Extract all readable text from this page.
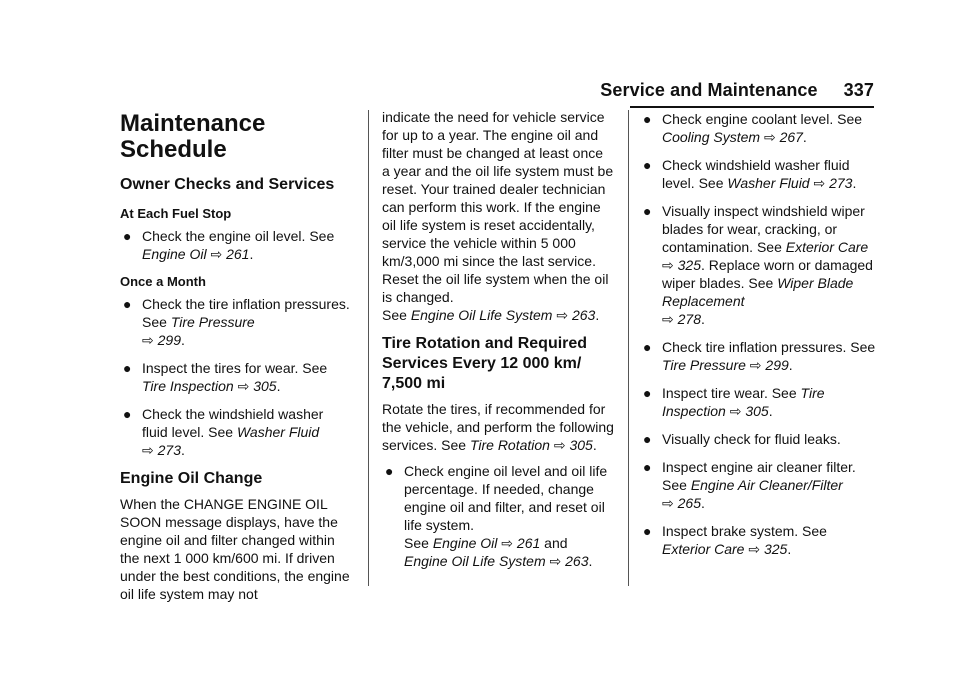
Service and Maintenance 337
Maintenance
Schedule
Owner Checks and Services
At Each Fuel Stop
● Check the engine oil level. See
Engine Oil ⇨ 261.
Once a Month
● Check the tire inflation pressures. See Tire Pressure
⇨ 299.
● Inspect the tires for wear. See
Tire Inspection ⇨ 305.
● Check the windshield washer fluid level. See Washer Fluid
⇨ 273.
Engine Oil Change

When the CHANGE ENGINE OIL SOON message displays, have the engine oil and filter changed within the next 1 000 km/600 mi. If driven under the best conditions, the engine oil life system may not

indicate the need for vehicle service for up to a year. The engine oil and filter must be changed at least once a year and the oil life system must be reset. Your trained dealer technician can perform this work. If the engine oil life system is reset accidentally, service the vehicle within 5 000 km/3,000 mi since the last service. Reset the oil life system when the oil is changed.
See Engine Oil Life System ⇨ 263.

Tire Rotation and Required Services Every 12 000 km/ 7,500 mi

Rotate the tires, if recommended for the vehicle, and perform the following services. See Tire Rotation ⇨ 305.

● Check engine oil level and oil life percentage. If needed, change engine oil and filter, and reset oil life system.
See Engine Oil ⇨ 261 and
Engine Oil Life System ⇨ 263.
● Check engine coolant level. See
Cooling System ⇨ 267.
● Check windshield washer fluid level. See Washer Fluid ⇨ 273.
● Visually inspect windshield wiper blades for wear, cracking, or contamination. See Exterior Care ⇨ 325. Replace worn or damaged wiper blades. See Wiper Blade Replacement
⇨ 278.
● Check tire inflation pressures. See Tire Pressure ⇨ 299.
● Inspect tire wear. See Tire Inspection ⇨ 305.
● Visually check for fluid leaks.
● Inspect engine air cleaner filter. See Engine Air Cleaner/Filter
⇨ 265.
● Inspect brake system. See
Exterior Care ⇨ 325.
